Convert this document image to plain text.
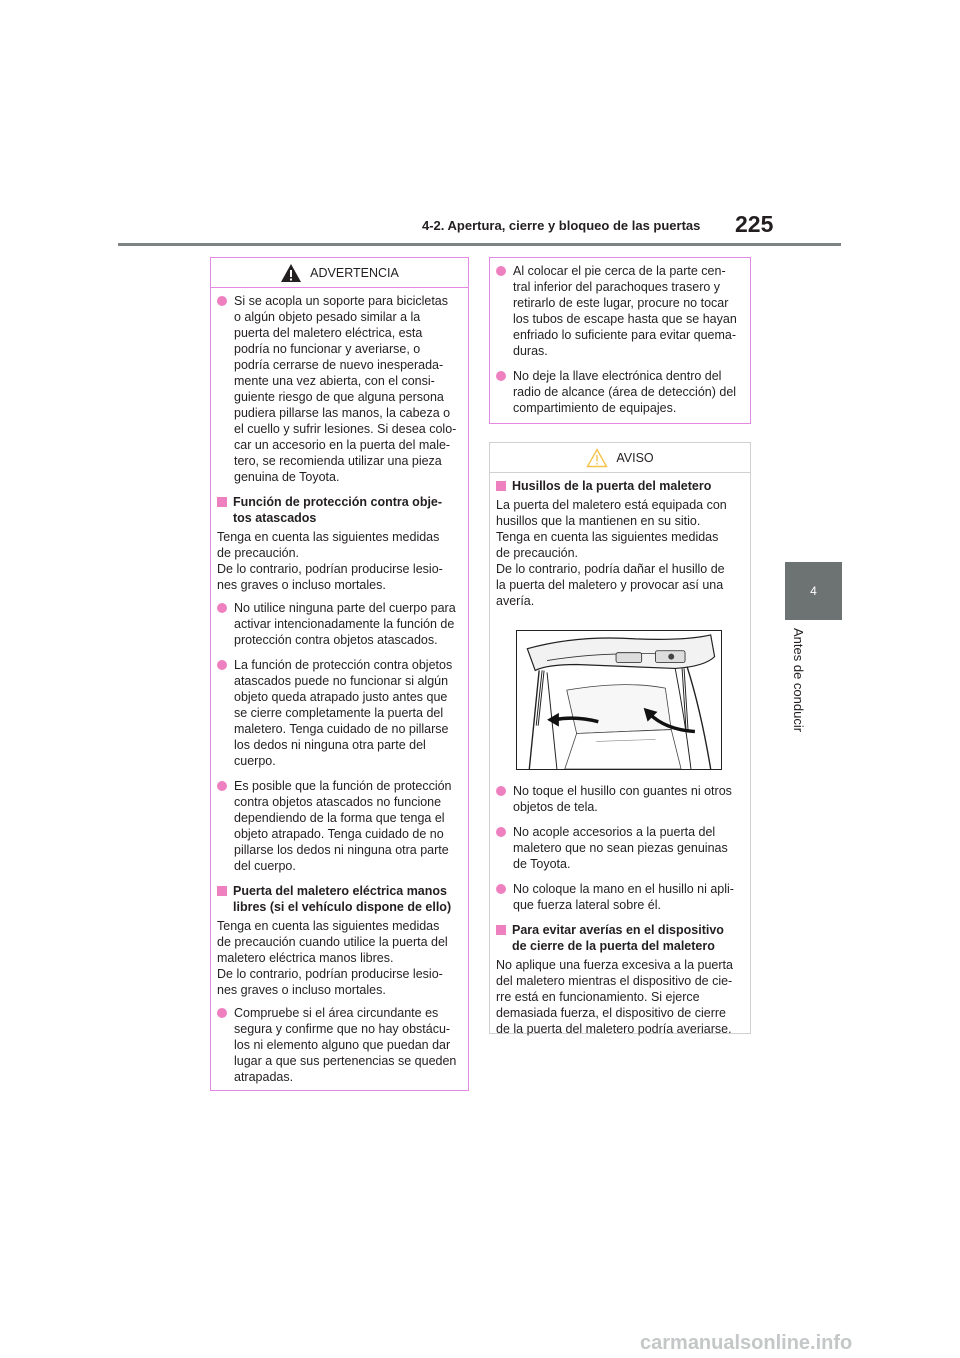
4-2. Apertura, cierre y bloqueo de las puertas 225
4
Antes de conducir
ADVERTENCIA
Si se acopla un soporte para bicicletas
o algún objeto pesado similar a la
puerta del maletero eléctrica, esta
podría no funcionar y averiarse, o
podría cerrarse de nuevo inesperada-
mente una vez abierta, con el consi-
guiente riesgo de que alguna persona
pudiera pillarse las manos, la cabeza o
el cuello y sufrir lesiones. Si desea colo-
car un accesorio en la puerta del male-
tero, se recomienda utilizar una pieza
genuina de Toyota.
Función de protección contra obje-
tos atascados
Tenga en cuenta las siguientes medidas
de precaución.
De lo contrario, podrían producirse lesio-
nes graves o incluso mortales.
No utilice ninguna parte del cuerpo para
activar intencionadamente la función de
protección contra objetos atascados.
La función de protección contra objetos
atascados puede no funcionar si algún
objeto queda atrapado justo antes que
se cierre completamente la puerta del
maletero. Tenga cuidado de no pillarse
los dedos ni ninguna otra parte del
cuerpo.
Es posible que la función de protección
contra objetos atascados no funcione
dependiendo de la forma que tenga el
objeto atrapado. Tenga cuidado de no
pillarse los dedos ni ninguna otra parte
del cuerpo.
Puerta del maletero eléctrica manos
libres (si el vehículo dispone de ello)
Tenga en cuenta las siguientes medidas
de precaución cuando utilice la puerta del
maletero eléctrica manos libres.
De lo contrario, podrían producirse lesio-
nes graves o incluso mortales.
Compruebe si el área circundante es
segura y confirme que no hay obstácu-
los ni elemento alguno que puedan dar
lugar a que sus pertenencias se queden
atrapadas.
Al colocar el pie cerca de la parte cen-
tral inferior del parachoques trasero y
retirarlo de este lugar, procure no tocar
los tubos de escape hasta que se hayan
enfriado lo suficiente para evitar quema-
duras.
No deje la llave electrónica dentro del
radio de alcance (área de detección) del
compartimiento de equipajes.
AVISO
Husillos de la puerta del maletero
La puerta del maletero está equipada con
husillos que la mantienen en su sitio.
Tenga en cuenta las siguientes medidas
de precaución.
De lo contrario, podría dañar el husillo de
la puerta del maletero y provocar así una
avería.
No toque el husillo con guantes ni otros
objetos de tela.
No acople accesorios a la puerta del
maletero que no sean piezas genuinas
de Toyota.
No coloque la mano en el husillo ni apli-
que fuerza lateral sobre él.
Para evitar averías en el dispositivo
de cierre de la puerta del maletero
No aplique una fuerza excesiva a la puerta
del maletero mientras el dispositivo de cie-
rre está en funcionamiento. Si ejerce
demasiada fuerza, el dispositivo de cierre
de la puerta del maletero podría averiarse.
carmanualsonline.info
